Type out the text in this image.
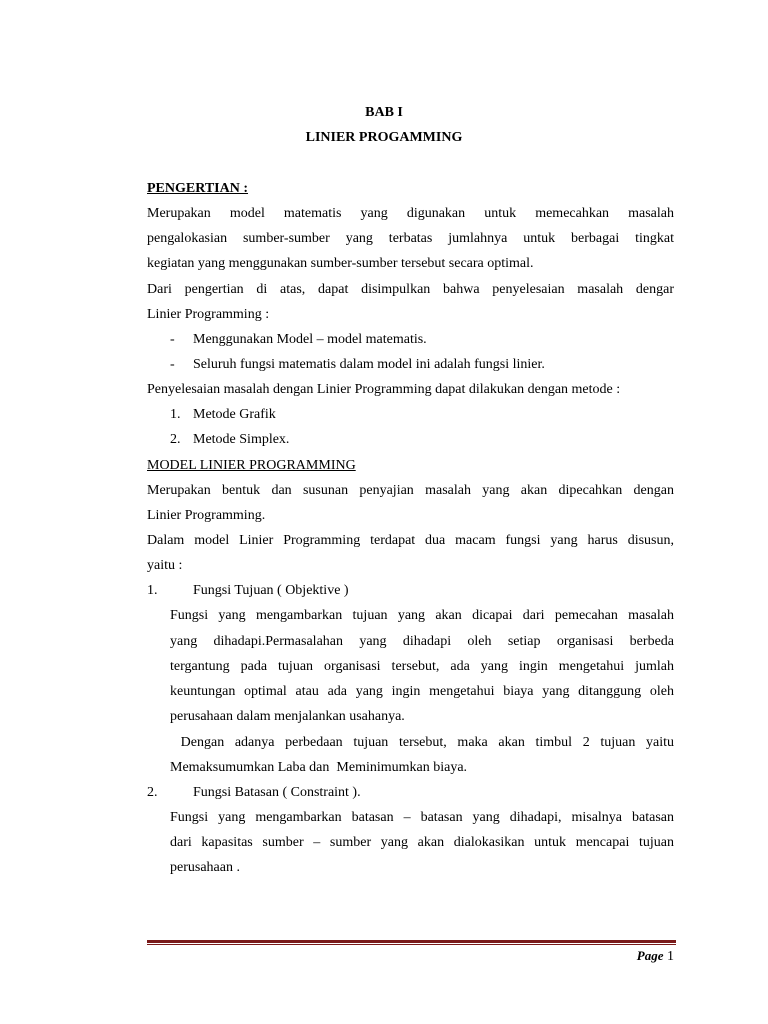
BAB I
LINIER PROGAMMING
PENGERTIAN :
Merupakan model matematis yang digunakan untuk memecahkan masalah
pengalokasian sumber-sumber yang terbatas jumlahnya untuk berbagai tingkat
kegiatan yang menggunakan sumber-sumber tersebut secara optimal.
Dari pengertian di atas, dapat disimpulkan bahwa penyelesaian masalah dengar
Linier Programming :
- Menggunakan Model – model matematis.
- Seluruh fungsi matematis dalam model ini adalah fungsi linier.
Penyelesaian masalah dengan Linier Programming dapat dilakukan dengan metode :
1. Metode Grafik
2. Metode Simplex.
MODEL LINIER PROGRAMMING
Merupakan bentuk dan susunan penyajian masalah yang akan dipecahkan dengan
Linier Programming.
Dalam model Linier Programming terdapat dua macam fungsi yang harus disusun,
yaitu :
1.	Fungsi Tujuan ( Objektive )
Fungsi yang mengambarkan tujuan yang akan dicapai dari pemecahan masalah
yang dihadapi.Permasalahan yang dihadapi oleh setiap organisasi berbeda
tergantung pada tujuan organisasi tersebut, ada yang ingin mengetahui jumlah
keuntungan optimal atau ada yang ingin mengetahui biaya yang ditanggung oleh
perusahaan dalam menjalankan usahanya.
Dengan adanya perbedaan tujuan tersebut, maka akan timbul 2 tujuan yaitu
Memaksumumkan Laba dan  Meminimumkan biaya.
2.	Fungsi Batasan ( Constraint ).
Fungsi yang mengambarkan batasan – batasan yang dihadapi, misalnya batasan
dari kapasitas sumber – sumber yang akan dialokasikan untuk mencapai tujuan
perusahaan .
Page 1
